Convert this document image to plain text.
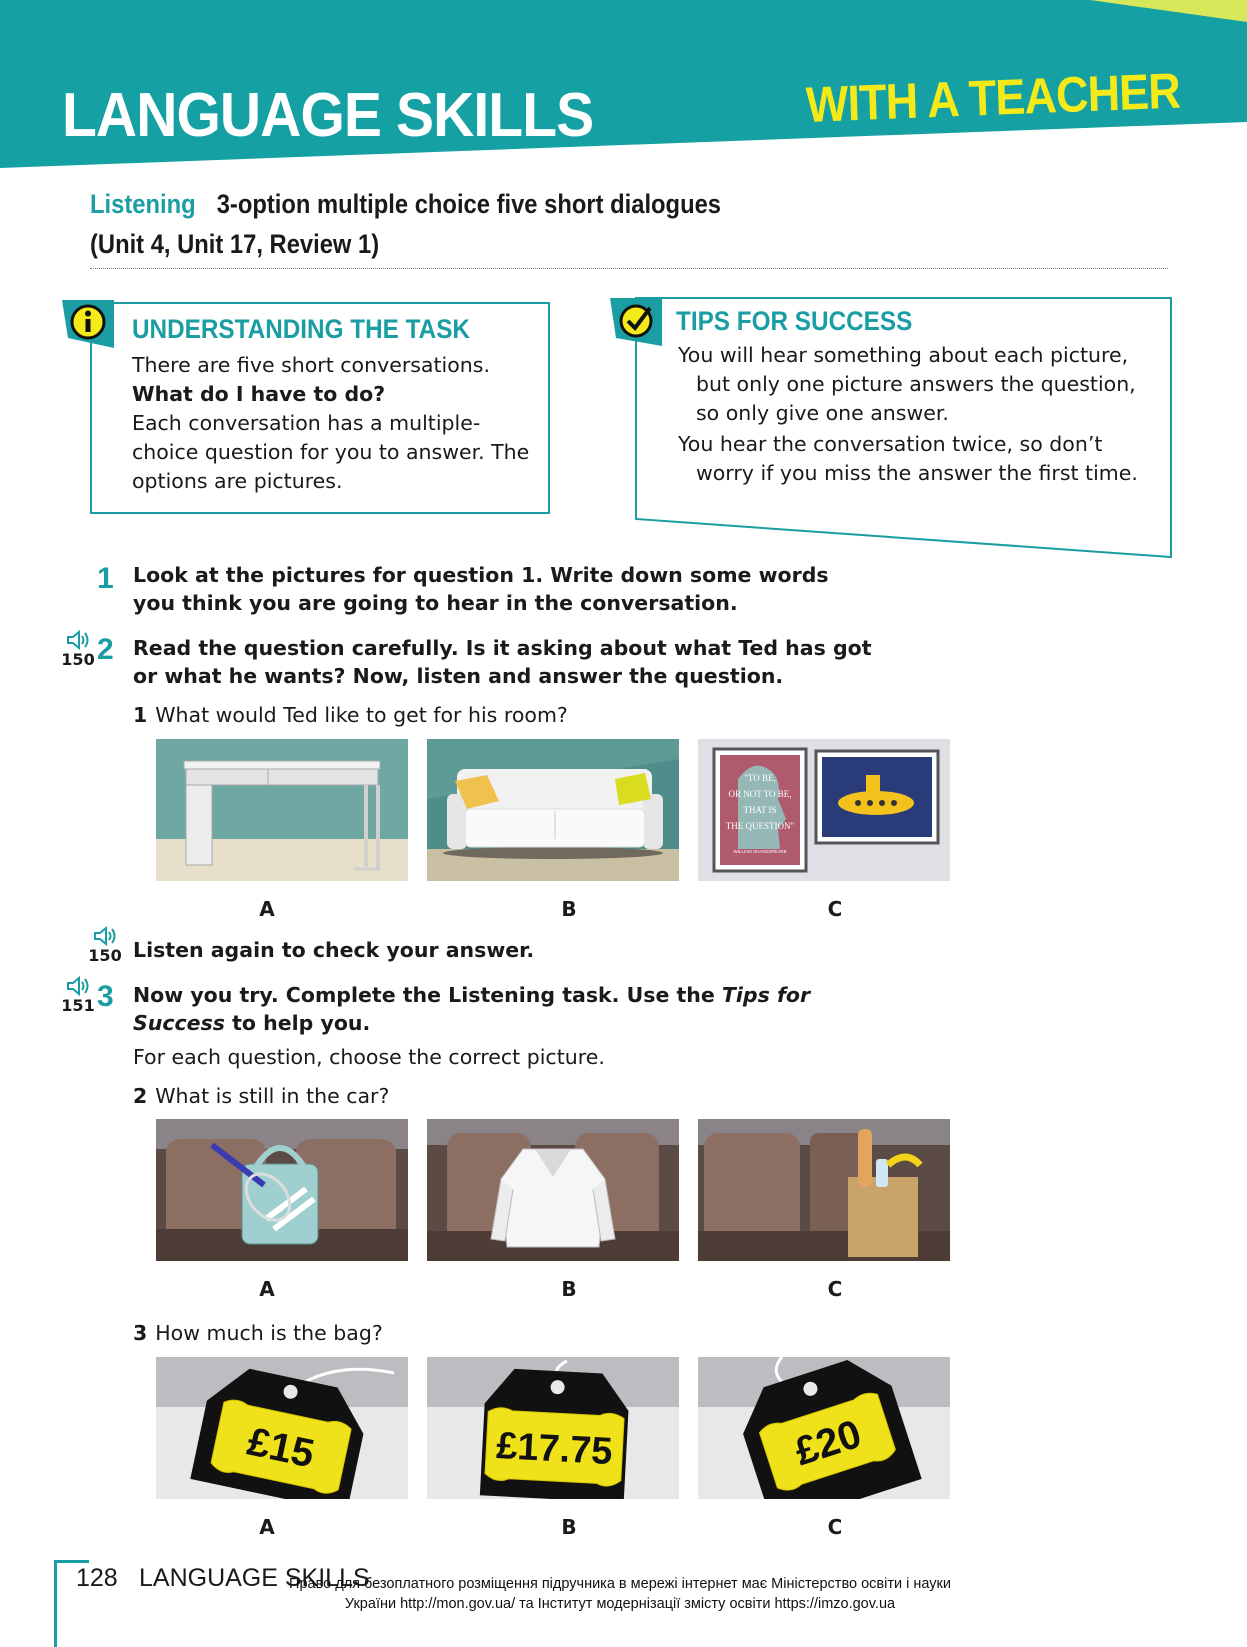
LANGUAGE SKILLS	WITH A TEACHER
Listening 3-option multiple choice five short dialogues
(Unit 4, Unit 17, Review 1)
UNDERSTANDING THE TASK

There are five short conversations.

What do I have to do?

Each conversation has a multiple-choice question for you to answer. The options are pictures.

TIPS FOR SUCCESS
You will hear something about each picture, but only one picture answers the question, so only give one answer.
You hear the conversation twice, so don’t worry if you miss the answer the first time.
1 Look at the pictures for question 1. Write down some words you think you are going to hear in the conversation.
150 2 Read the question carefully. Is it asking about what Ted has got or what he wants? Now, listen and answer the question.
1 What would Ted like to get for his room?
"TO BE,
OR NOT TO BE,
THAT IS
THE QUESTION"
WILLIAM SHAKESPEARE
A	B	C
150 Listen again to check your answer.
151 3 Now you try. Complete the Listening task. Use the Tips for Success to help you.
For each question, choose the correct picture.
2 What is still in the car?
A	B	C
3 How much is the bag?
£15	£17.75	£20
A	B	C
128 LANGUAGE SKILLS
Право для безоплатного розміщення підручника в мережі інтернет має Міністерство освіти і науки
України http://mon.gov.ua/ та Інститут модернізації змісту освіти https://imzo.gov.ua
